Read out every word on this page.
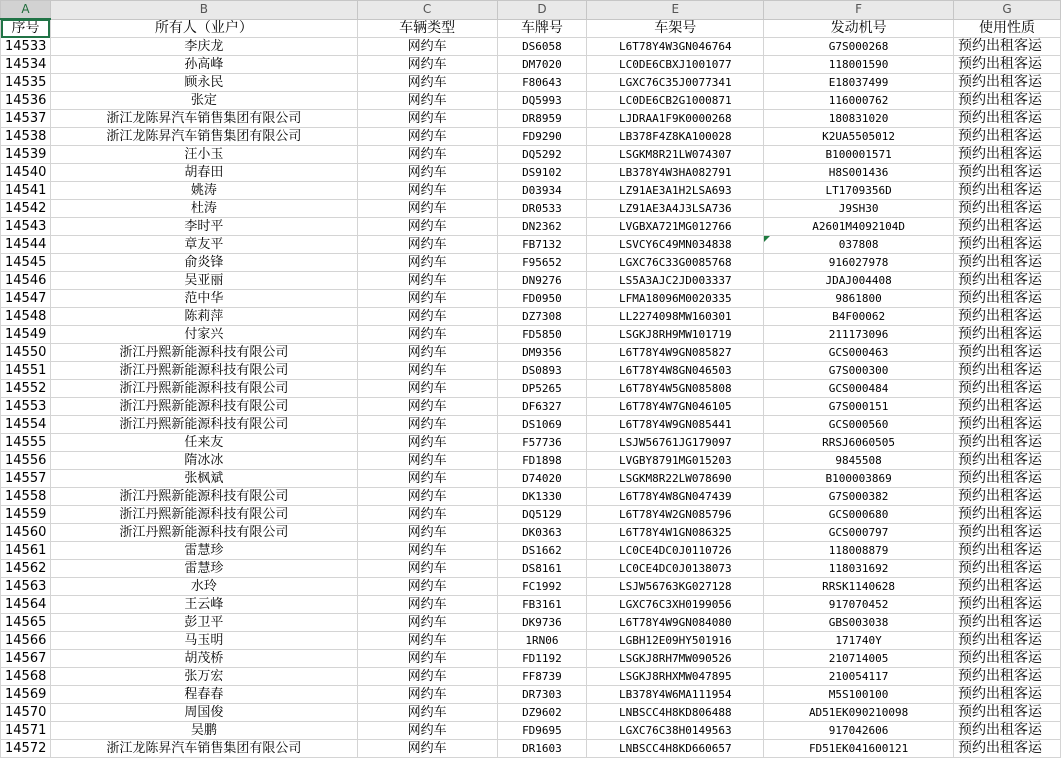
A	B	C	D	E	F	G
序号	所有人（业户）	车辆类型	车牌号	车架号	发动机号	使用性质
14533	李庆龙	网约车	DS6058	L6T78Y4W3GN046764	G7S000268	预约出租客运
14534	孙高峰	网约车	DM7020	LC0DE6CBXJ1001077	118001590	预约出租客运
14535	顾永民	网约车	F80643	LGXC76C35J0077341	E18037499	预约出租客运
14536	张定	网约车	DQ5993	LC0DE6CB2G1000871	116000762	预约出租客运
14537	浙江龙陈昇汽车销售集团有限公司	网约车	DR8959	LJDRAA1F9K0000268	180831020	预约出租客运
14538	浙江龙陈昇汽车销售集团有限公司	网约车	FD9290	LB378F4Z8KA100028	K2UA5505012	预约出租客运
14539	汪小玉	网约车	DQ5292	LSGKM8R21LW074307	B100001571	预约出租客运
14540	胡春田	网约车	DS9102	LB378Y4W3HA082791	H8S001436	预约出租客运
14541	姚涛	网约车	D03934	LZ91AE3A1H2LSA693	LT1709356D	预约出租客运
14542	杜涛	网约车	DR0533	LZ91AE3A4J3LSA736	J9SH30	预约出租客运
14543	李时平	网约车	DN2362	LVGBXA721MG012766	A2601M4092104D	预约出租客运
14544	章友平	网约车	FB7132	LSVCY6C49MN034838	037808	预约出租客运
14545	俞炎锋	网约车	F95652	LGXC76C33G0085768	916027978	预约出租客运
14546	吴亚丽	网约车	DN9276	LS5A3AJC2JD003337	JDAJ004408	预约出租客运
14547	范中华	网约车	FD0950	LFMA18096M0020335	9861800	预约出租客运
14548	陈莉萍	网约车	DZ7308	LL2274098MW160301	B4F00062	预约出租客运
14549	付家兴	网约车	FD5850	LSGKJ8RH9MW101719	211173096	预约出租客运
14550	浙江丹熙新能源科技有限公司	网约车	DM9356	L6T78Y4W9GN085827	GCS000463	预约出租客运
14551	浙江丹熙新能源科技有限公司	网约车	DS0893	L6T78Y4W8GN046503	G7S000300	预约出租客运
14552	浙江丹熙新能源科技有限公司	网约车	DP5265	L6T78Y4W5GN085808	GCS000484	预约出租客运
14553	浙江丹熙新能源科技有限公司	网约车	DF6327	L6T78Y4W7GN046105	G7S000151	预约出租客运
14554	浙江丹熙新能源科技有限公司	网约车	DS1069	L6T78Y4W9GN085441	GCS000560	预约出租客运
14555	任来友	网约车	F57736	LSJW56761JG179097	RRSJ6060505	预约出租客运
14556	隋冰冰	网约车	FD1898	LVGBY8791MG015203	9845508	预约出租客运
14557	张枫斌	网约车	D74020	LSGKM8R22LW078690	B100003869	预约出租客运
14558	浙江丹熙新能源科技有限公司	网约车	DK1330	L6T78Y4W8GN047439	G7S000382	预约出租客运
14559	浙江丹熙新能源科技有限公司	网约车	DQ5129	L6T78Y4W2GN085796	GCS000680	预约出租客运
14560	浙江丹熙新能源科技有限公司	网约车	DK0363	L6T78Y4W1GN086325	GCS000797	预约出租客运
14561	雷慧珍	网约车	DS1662	LC0CE4DC0J0110726	118008879	预约出租客运
14562	雷慧珍	网约车	DS8161	LC0CE4DC0J0138073	118031692	预约出租客运
14563	水玲	网约车	FC1992	LSJW56763KG027128	RRSK1140628	预约出租客运
14564	王云峰	网约车	FB3161	LGXC76C3XH0199056	917070452	预约出租客运
14565	彭卫平	网约车	DK9736	L6T78Y4W9GN084080	GBS003038	预约出租客运
14566	马玉明	网约车	1RN06	LGBH12E09HY501916	171740Y	预约出租客运
14567	胡茂桥	网约车	FD1192	LSGKJ8RH7MW090526	210714005	预约出租客运
14568	张万宏	网约车	FF8739	LSGKJ8RHXMW047895	210054117	预约出租客运
14569	程春春	网约车	DR7303	LB378Y4W6MA111954	M5S100100	预约出租客运
14570	周国俊	网约车	DZ9602	LNBSCC4H8KD806488	AD51EK090210098	预约出租客运
14571	吴鹏	网约车	FD9695	LGXC76C38H0149563	917042606	预约出租客运
14572	浙江龙陈昇汽车销售集团有限公司	网约车	DR1603	LNBSCC4H8KD660657	FD51EK041600121	预约出租客运
